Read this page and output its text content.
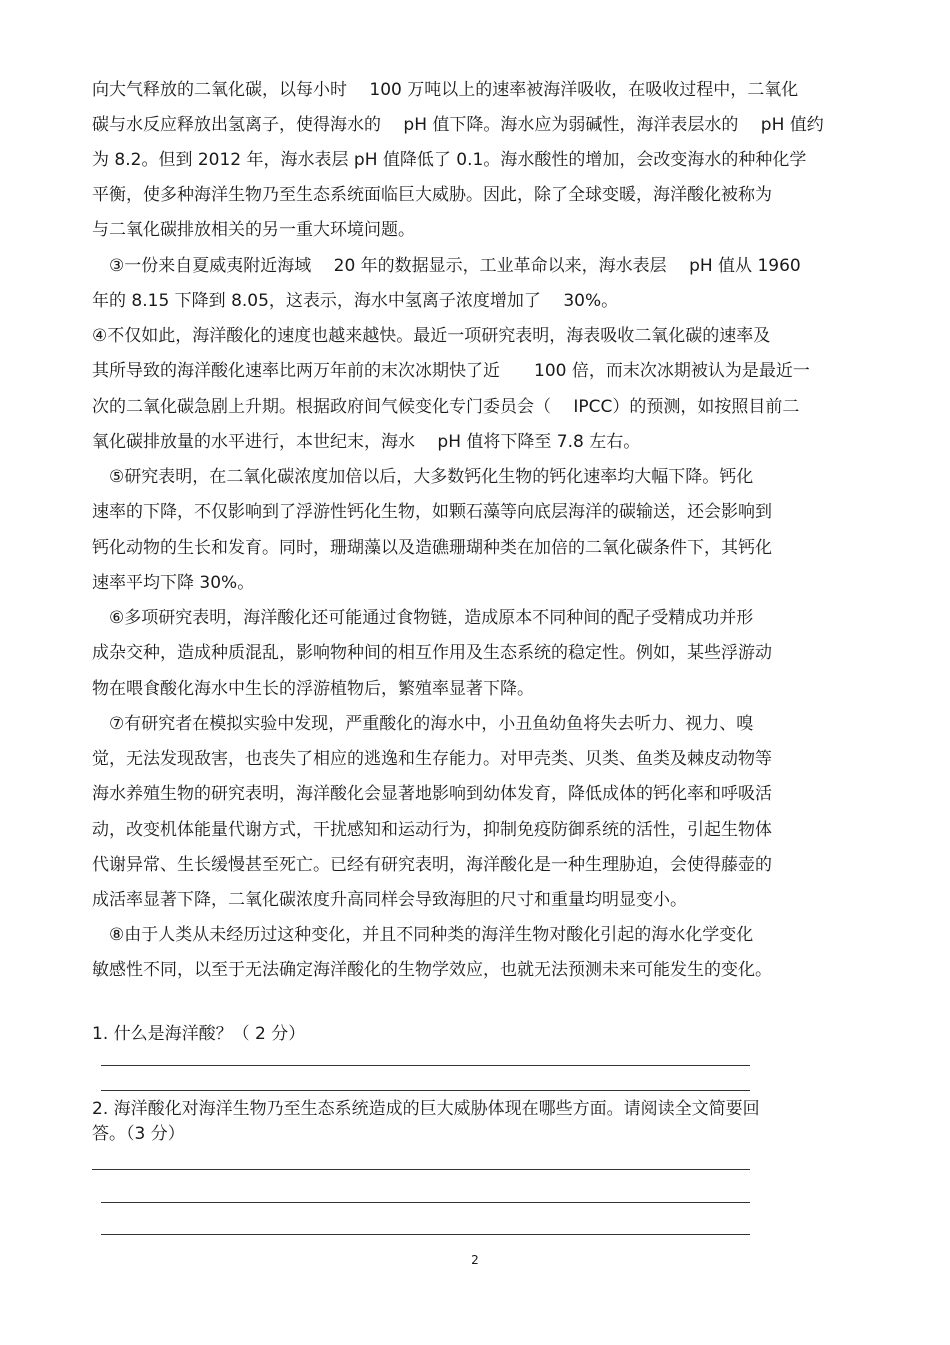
向大气释放的二氧化碳，以每小时　 100 万吨以上的速率被海洋吸收，在吸收过程中，二氧化
碳与水反应释放出氢离子，使得海水的　 pH 值下降。海水应为弱碱性，海洋表层水的　 pH 值约
为 8.2。但到 2012 年，海水表层 pH 值降低了 0.1。海水酸性的增加，会改变海水的种种化学
平衡，使多种海洋生物乃至生态系统面临巨大威胁。因此，除了全球变暖，海洋酸化被称为
与二氧化碳排放相关的另一重大环境问题。
　③一份来自夏威夷附近海域　 20 年的数据显示，工业革命以来，海水表层　 pH 值从 1960
年的 8.15 下降到 8.05，这表示，海水中氢离子浓度增加了　 30%。
④不仅如此，海洋酸化的速度也越来越快。最近一项研究表明，海表吸收二氧化碳的速率及
其所导致的海洋酸化速率比两万年前的末次冰期快了近　　100 倍，而末次冰期被认为是最近一
次的二氧化碳急剧上升期。根据政府间气候变化专门委员会（　 IPCC）的预测，如按照目前二
氧化碳排放量的水平进行，本世纪末，海水　 pH 值将下降至 7.8 左右。
　⑤研究表明，在二氧化碳浓度加倍以后，大多数钙化生物的钙化速率均大幅下降。钙化
速率的下降，不仅影响到了浮游性钙化生物，如颗石藻等向底层海洋的碳输送，还会影响到
钙化动物的生长和发育。同时，珊瑚藻以及造礁珊瑚种类在加倍的二氧化碳条件下，其钙化
速率平均下降 30%。
　⑥多项研究表明，海洋酸化还可能通过食物链，造成原本不同种间的配子受精成功并形
成杂交种，造成种质混乱，影响物种间的相互作用及生态系统的稳定性。例如，某些浮游动
物在喂食酸化海水中生长的浮游植物后，繁殖率显著下降。
　⑦有研究者在模拟实验中发现，严重酸化的海水中，小丑鱼幼鱼将失去听力、视力、嗅
觉，无法发现敌害，也丧失了相应的逃逸和生存能力。对甲壳类、贝类、鱼类及棘皮动物等
海水养殖生物的研究表明，海洋酸化会显著地影响到幼体发育，降低成体的钙化率和呼吸活
动，改变机体能量代谢方式，干扰感知和运动行为，抑制免疫防御系统的活性，引起生物体
代谢异常、生长缓慢甚至死亡。已经有研究表明，海洋酸化是一种生理胁迫，会使得藤壶的
成活率显著下降，二氧化碳浓度升高同样会导致海胆的尺寸和重量均明显变小。
　⑧由于人类从未经历过这种变化，并且不同种类的海洋生物对酸化引起的海水化学变化
敏感性不同，以至于无法确定海洋酸化的生物学效应，也就无法预测未来可能发生的变化。
1. 什么是海洋酸？（ 2 分）
2. 海洋酸化对海洋生物乃至生态系统造成的巨大威胁体现在哪些方面。请阅读全文简要回
答。（3 分）
2
